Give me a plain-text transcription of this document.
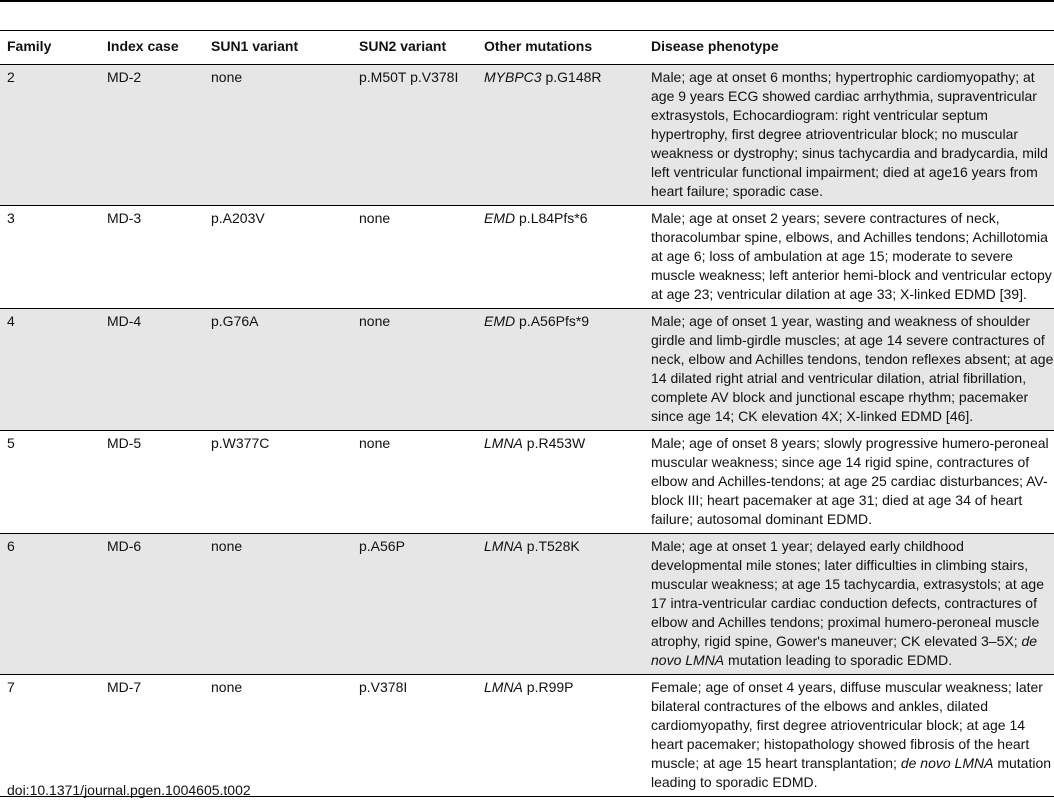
Family	Index case	SUN1 variant	SUN2 variant	Other mutations	Disease phenotype
2	MD-2	none	p.M50T p.V378I	MYBPC3 p.G148R	Male; age at onset 6 months; hypertrophic cardiomyopathy; at age 9 years ECG showed cardiac arrhythmia, supraventricular extrasystols, Echocardiogram: right ventricular septum hypertrophy, first degree atrioventricular block; no muscular weakness or dystrophy; sinus tachycardia and bradycardia, mild left ventricular functional impairment; died at age16 years from heart failure; sporadic case.
3	MD-3	p.A203V	none	EMD p.L84Pfs*6	Male; age at onset 2 years; severe contractures of neck, thoracolumbar spine, elbows, and Achilles tendons; Achillotomia at age 6; loss of ambulation at age 15; moderate to severe muscle weakness; left anterior hemi-block and ventricular ectopy at age 23; ventricular dilation at age 33; X-linked EDMD [39].
4	MD-4	p.G76A	none	EMD p.A56Pfs*9	Male; age of onset 1 year, wasting and weakness of shoulder girdle and limb-girdle muscles; at age 14 severe contractures of neck, elbow and Achilles tendons, tendon reflexes absent; at age 14 dilated right atrial and ventricular dilation, atrial fibrillation, complete AV block and junctional escape rhythm; pacemaker since age 14; CK elevation 4X; X-linked EDMD [46].
5	MD-5	p.W377C	none	LMNA p.R453W	Male; age of onset 8 years; slowly progressive humero-peroneal muscular weakness; since age 14 rigid spine, contractures of elbow and Achilles-tendons; at age 25 cardiac disturbances; AV-block III; heart pacemaker at age 31; died at age 34 of heart failure; autosomal dominant EDMD.
6	MD-6	none	p.A56P	LMNA p.T528K	Male; age at onset 1 year; delayed early childhood developmental mile stones; later difficulties in climbing stairs, muscular weakness; at age 15 tachycardia, extrasystols; at age 17 intra-ventricular cardiac conduction defects, contractures of elbow and Achilles tendons; proximal humero-peroneal muscle atrophy, rigid spine, Gower's maneuver; CK elevated 3–5X; de novo LMNA mutation leading to sporadic EDMD.
7	MD-7	none	p.V378I	LMNA p.R99P	Female; age of onset 4 years, diffuse muscular weakness; later bilateral contractures of the elbows and ankles, dilated cardiomyopathy, first degree atrioventricular block; at age 14 heart pacemaker; histopathology showed fibrosis of the heart muscle; at age 15 heart transplantation; de novo LMNA mutation leading to sporadic EDMD.
doi:10.1371/journal.pgen.1004605.t002
